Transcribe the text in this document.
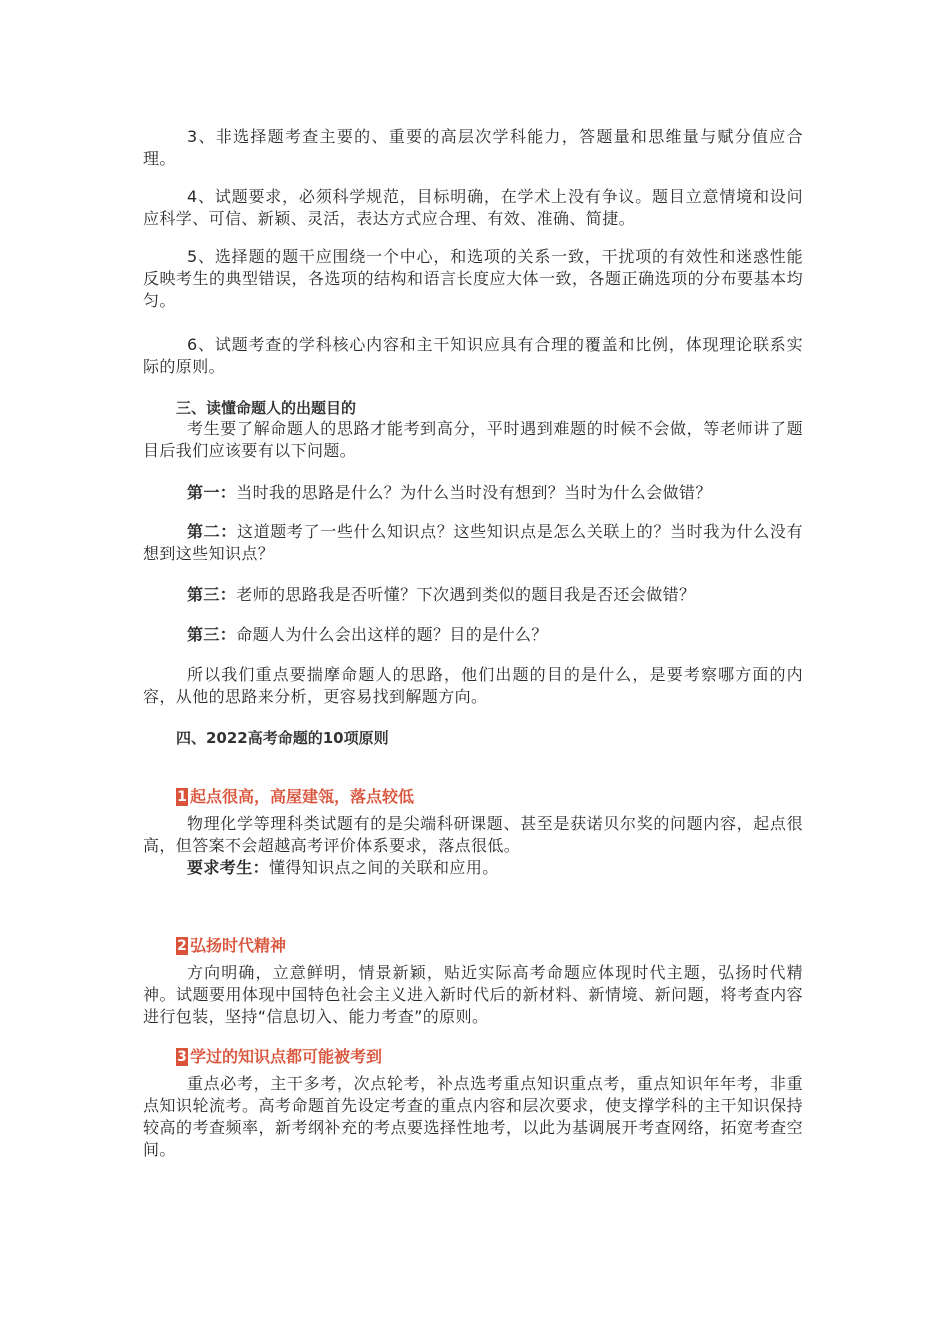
3、非选择题考查主要的、重要的高层次学科能力，答题量和思维量与赋分值应合理。

4、试题要求，必须科学规范，目标明确，在学术上没有争议。题目立意情境和设问应科学、可信、新颖、灵活，表达方式应合理、有效、准确、简捷。

5、选择题的题干应围绕一个中心，和选项的关系一致，干扰项的有效性和迷惑性能反映考生的典型错误，各选项的结构和语言长度应大体一致，各题正确选项的分布要基本均匀。

6、试题考查的学科核心内容和主干知识应具有合理的覆盖和比例，体现理论联系实际的原则。

三、读懂命题人的出题目的

考生要了解命题人的思路才能考到高分，平时遇到难题的时候不会做，等老师讲了题目后我们应该要有以下问题。

第一：当时我的思路是什么？为什么当时没有想到？当时为什么会做错？

第二：这道题考了一些什么知识点？这些知识点是怎么关联上的？当时我为什么没有想到这些知识点？

第三：老师的思路我是否听懂？下次遇到类似的题目我是否还会做错？

第三：命题人为什么会出这样的题？目的是什么？

所以我们重点要揣摩命题人的思路，他们出题的目的是什么，是要考察哪方面的内容，从他的思路来分析，更容易找到解题方向。

四、2022高考命题的10项原则

1 起点很高，高屋建瓴，落点较低

物理化学等理科类试题有的是尖端科研课题、甚至是获诺贝尔奖的问题内容，起点很高，但答案不会超越高考评价体系要求，落点很低。

要求考生：懂得知识点之间的关联和应用。

2 弘扬时代精神

方向明确，立意鲜明，情景新颖，贴近实际高考命题应体现时代主题，弘扬时代精神。试题要用体现中国特色社会主义进入新时代后的新材料、新情境、新问题，将考查内容进行包装，坚持“信息切入、能力考查”的原则。

3 学过的知识点都可能被考到

重点必考，主干多考，次点轮考，补点选考重点知识重点考，重点知识年年考，非重点知识轮流考。高考命题首先设定考查的重点内容和层次要求，使支撑学科的主干知识保持较高的考查频率，新考纲补充的考点要选择性地考，以此为基调展开考查网络，拓宽考查空间。
